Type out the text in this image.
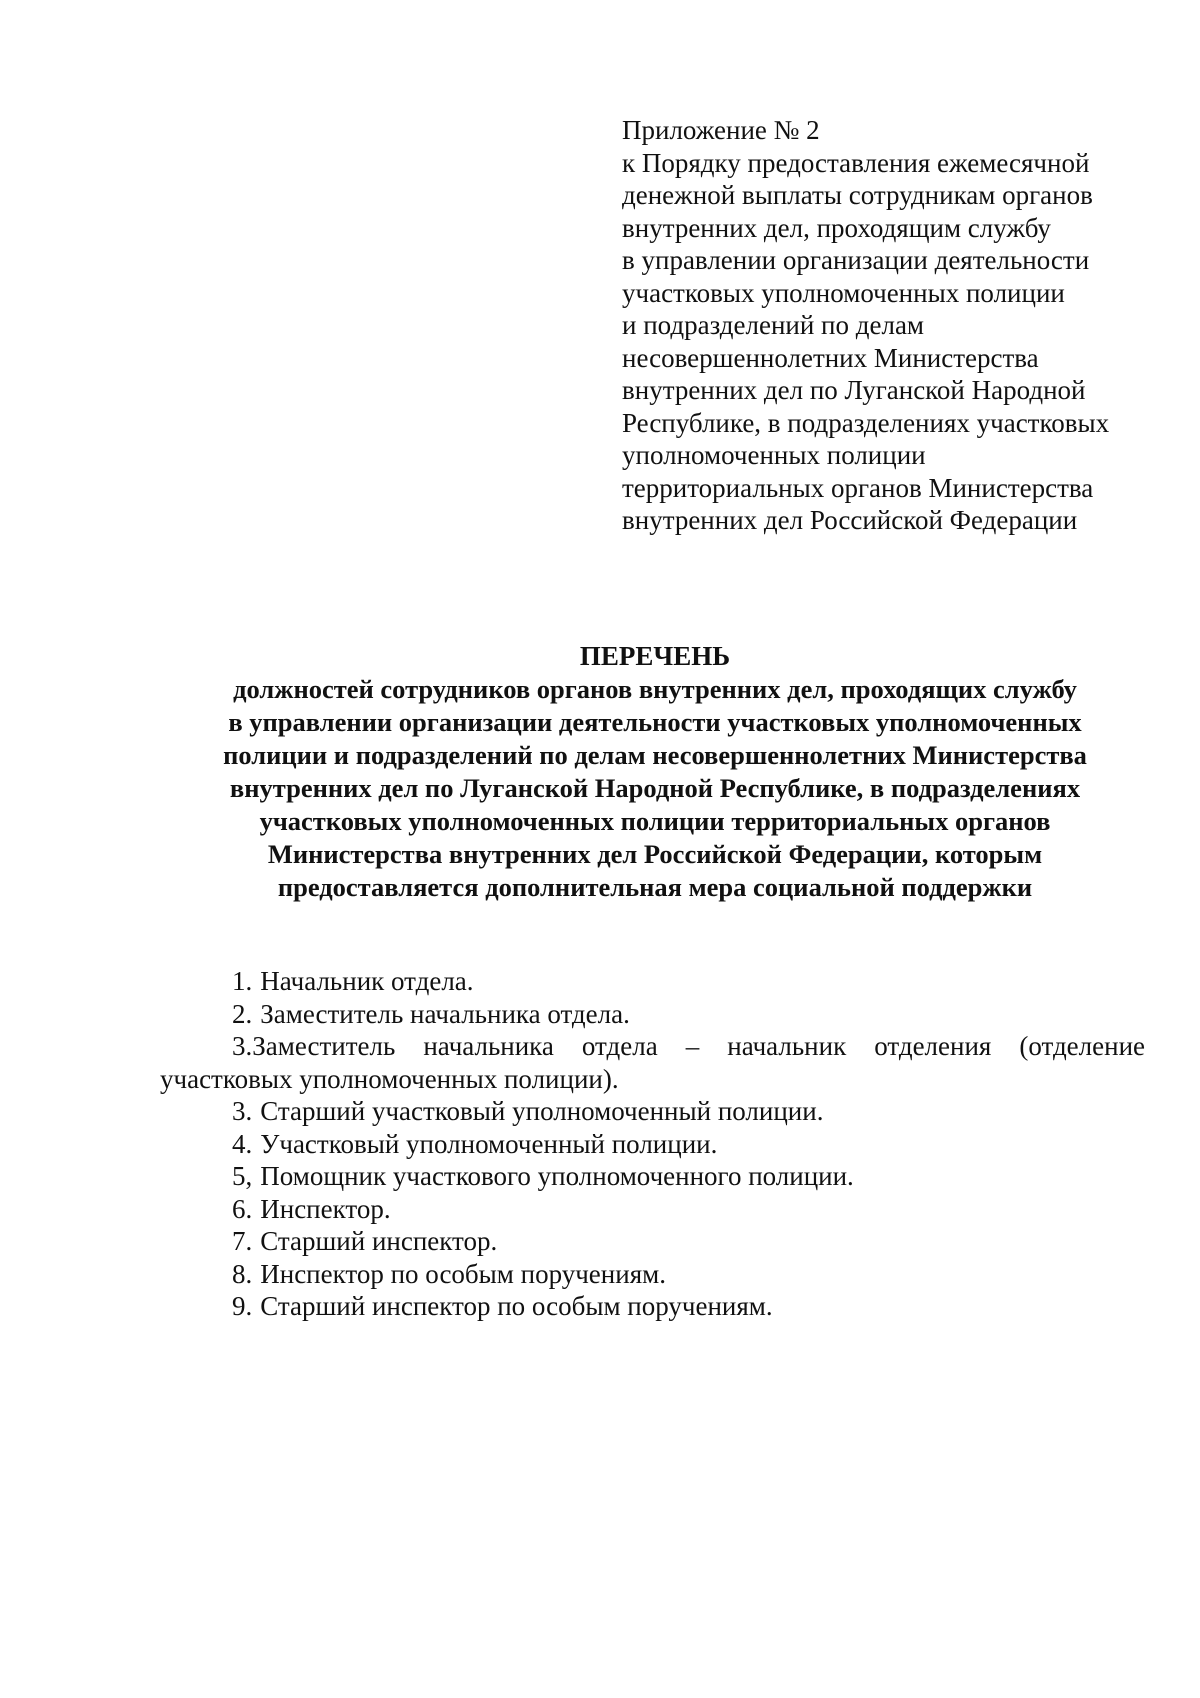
Приложение № 2
к Порядку предоставления ежемесячной
денежной выплаты сотрудникам органов
внутренних дел, проходящим службу
в управлении организации деятельности
участковых уполномоченных полиции
и подразделений по делам
несовершеннолетних Министерства
внутренних дел по Луганской Народной
Республике, в подразделениях участковых
уполномоченных полиции
территориальных органов Министерства
внутренних дел Российской Федерации
ПЕРЕЧЕНЬ
должностей сотрудников органов внутренних дел, проходящих службу
в управлении организации деятельности участковых уполномоченных
полиции и подразделений по делам несовершеннолетних Министерства
внутренних дел по Луганской Народной Республике, в подразделениях
участковых уполномоченных полиции территориальных органов
Министерства внутренних дел Российской Федерации, которым
предоставляется дополнительная мера социальной поддержки
1. Начальник отдела.
2. Заместитель начальника отдела.
3.Заместитель начальника отдела – начальник отделения (отделение
участковых уполномоченных полиции).
3. Старший участковый уполномоченный полиции.
4. Участковый уполномоченный полиции.
5, Помощник участкового уполномоченного полиции.
6. Инспектор.
7. Старший инспектор.
8. Инспектор по особым поручениям.
9. Старший инспектор по особым поручениям.
